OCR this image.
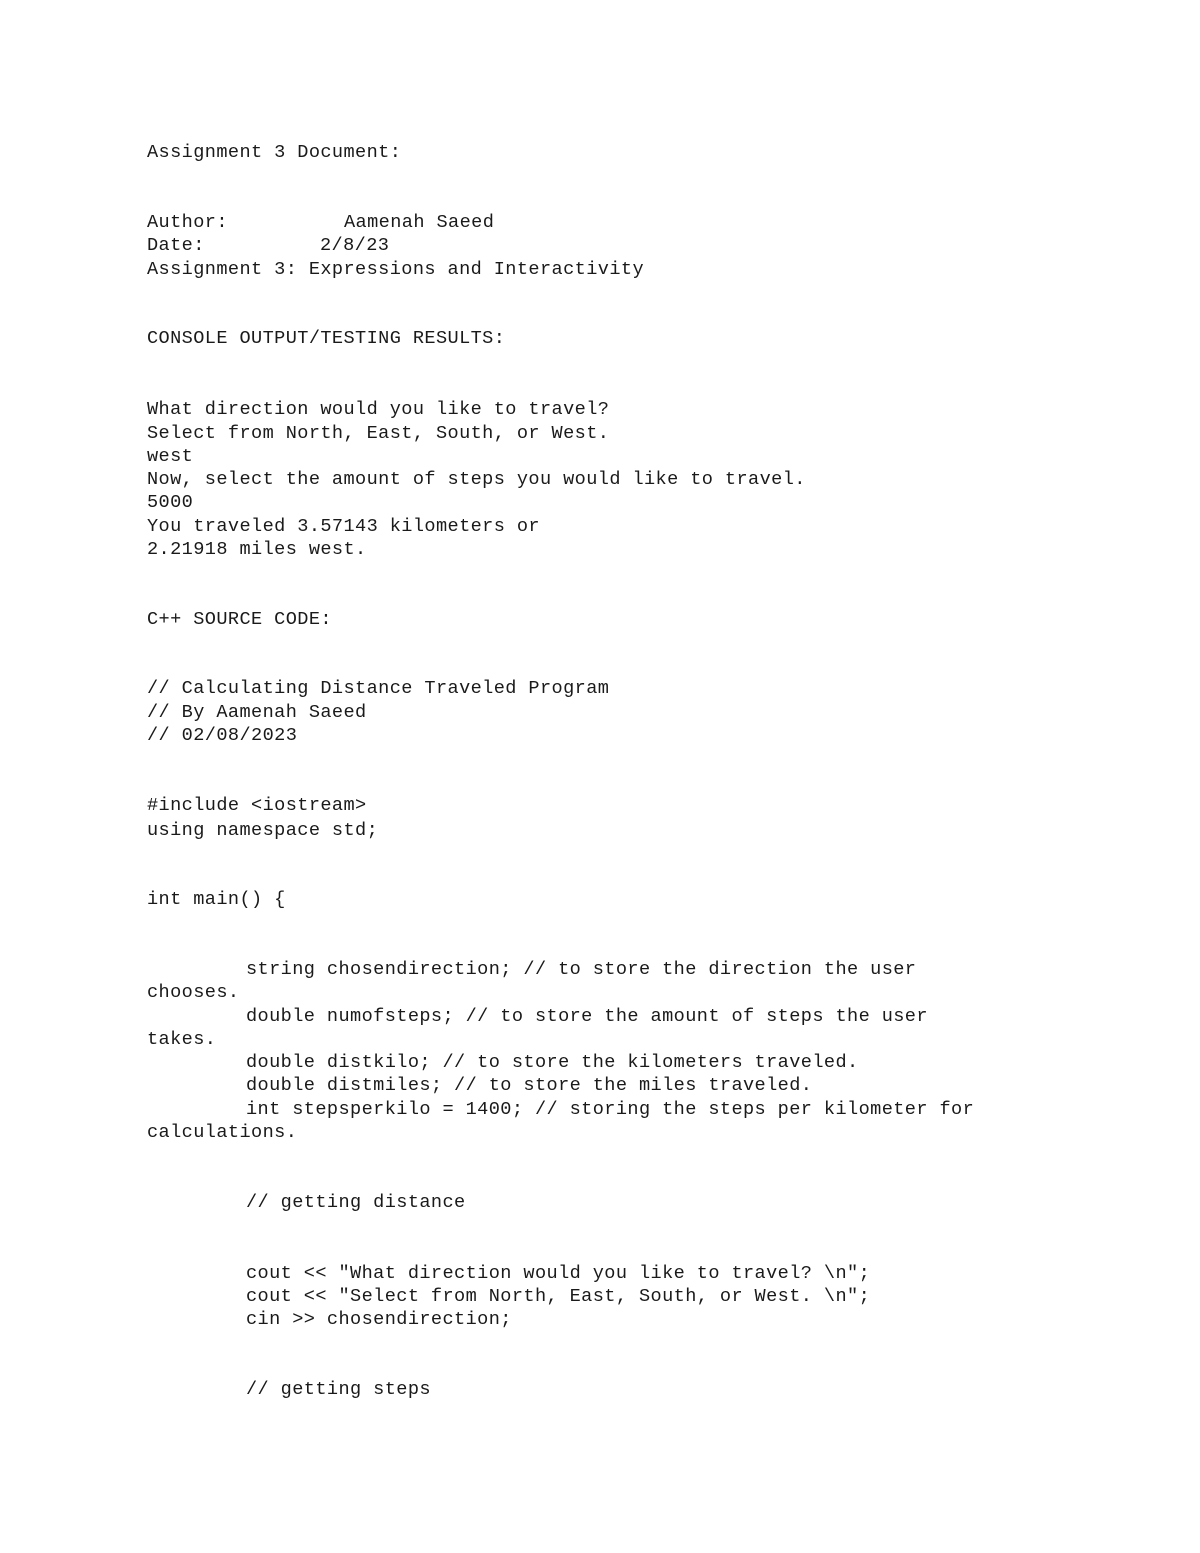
Assignment 3 Document:

Author:	Aamenah Saeed

Date:	2/8/23

Assignment 3: Expressions and Interactivity

CONSOLE OUTPUT/TESTING RESULTS:

What direction would you like to travel?

Select from North, East, South, or West.

west

Now, select the amount of steps you would like to travel.

5000

You traveled 3.57143 kilometers or

2.21918 miles west.

C++ SOURCE CODE:

// Calculating Distance Traveled Program

// By Aamenah Saeed

// 02/08/2023

#include <iostream>

using namespace std;

int main() {

string chosendirection; // to store the direction the user

chooses.

double numofsteps; // to store the amount of steps the user

takes.

double distkilo; // to store the kilometers traveled.

double distmiles; // to store the miles traveled.

int stepsperkilo = 1400; // storing the steps per kilometer for

calculations.

// getting distance

cout << "What direction would you like to travel? \n";

cout << "Select from North, East, South, or West. \n";

cin >> chosendirection;

// getting steps
